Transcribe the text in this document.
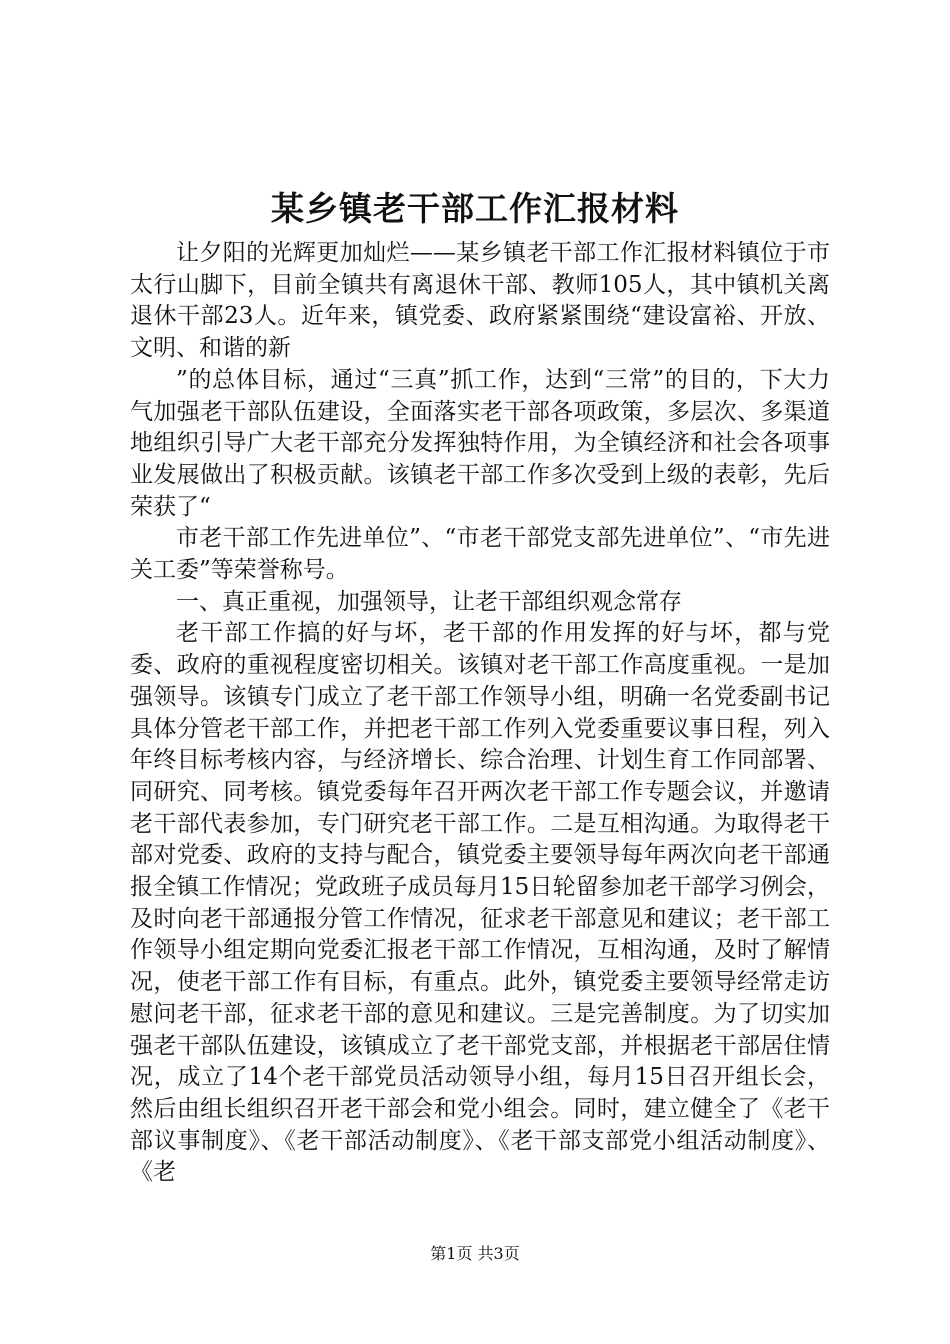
某乡镇老干部工作汇报材料

让夕阳的光辉更加灿烂——某乡镇老干部工作汇报材料镇位于市太行山脚下，目前全镇共有离退休干部、教师105人，其中镇机关离退休干部23人。近年来，镇党委、政府紧紧围绕“建设富裕、开放、文明、和谐的新

”的总体目标，通过“三真”抓工作，达到“三常”的目的，下大力气加强老干部队伍建设，全面落实老干部各项政策，多层次、多渠道地组织引导广大老干部充分发挥独特作用，为全镇经济和社会各项事业发展做出了积极贡献。该镇老干部工作多次受到上级的表彰，先后荣获了“

市老干部工作先进单位”、“市老干部党支部先进单位”、“市先进关工委”等荣誉称号。

一、真正重视，加强领导，让老干部组织观念常存

老干部工作搞的好与坏，老干部的作用发挥的好与坏，都与党委、政府的重视程度密切相关。该镇对老干部工作高度重视。一是加强领导。该镇专门成立了老干部工作领导小组，明确一名党委副书记具体分管老干部工作，并把老干部工作列入党委重要议事日程，列入年终目标考核内容，与经济增长、综合治理、计划生育工作同部署、同研究、同考核。镇党委每年召开两次老干部工作专题会议，并邀请老干部代表参加，专门研究老干部工作。二是互相沟通。为取得老干部对党委、政府的支持与配合，镇党委主要领导每年两次向老干部通报全镇工作情况；党政班子成员每月15日轮留参加老干部学习例会，及时向老干部通报分管工作情况，征求老干部意见和建议；老干部工作领导小组定期向党委汇报老干部工作情况，互相沟通，及时了解情况，使老干部工作有目标，有重点。此外，镇党委主要领导经常走访慰问老干部，征求老干部的意见和建议。三是完善制度。为了切实加强老干部队伍建设，该镇成立了老干部党支部，并根据老干部居住情况，成立了14个老干部党员活动领导小组，每月15日召开组长会，然后由组长组织召开老干部会和党小组会。同时，建立健全了《老干部议事制度》、《老干部活动制度》、《老干部支部党小组活动制度》、《老

第1页 共3页
